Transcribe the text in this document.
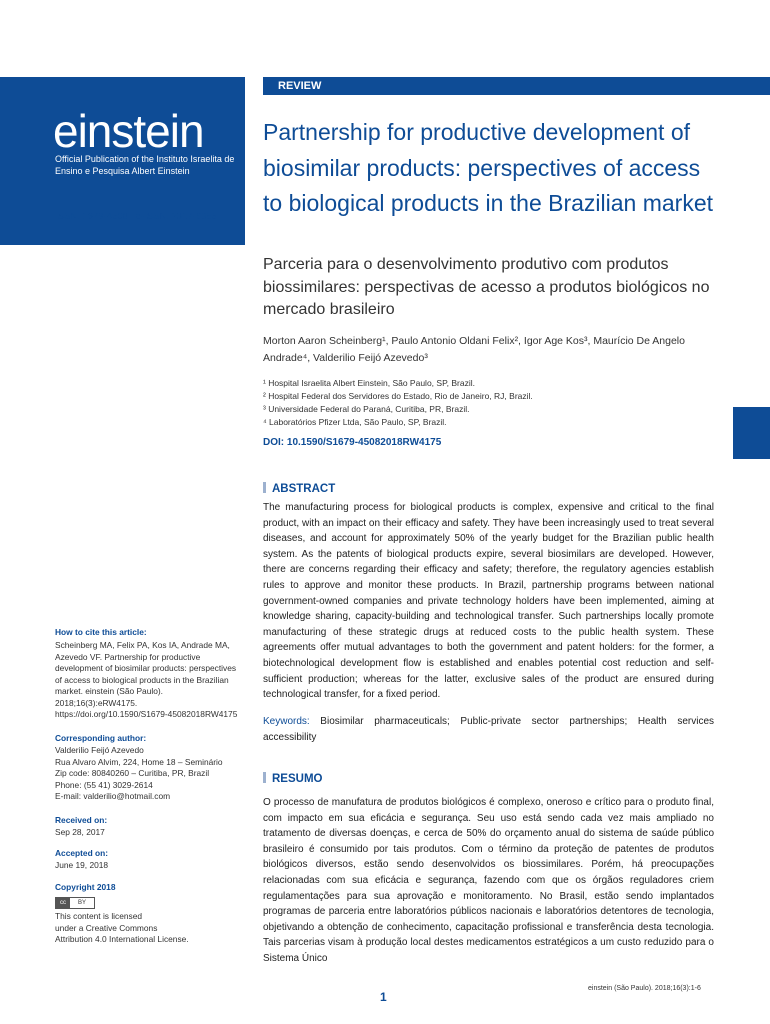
einstein
Official Publication of the Instituto Israelita de Ensino e Pesquisa Albert Einstein
ISSN: 1679-4508 | e-ISSN: 2317-6385
REVIEW
Partnership for productive development of biosimilar products: perspectives of access to biological products in the Brazilian market
Parceria para o desenvolvimento produtivo com produtos biossimilares: perspectivas de acesso a produtos biológicos no mercado brasileiro
Morton Aaron Scheinberg¹, Paulo Antonio Oldani Felix², Igor Age Kos³, Maurício De Angelo Andrade⁴, Valderilio Feijó Azevedo³

¹ Hospital Israelita Albert Einstein, São Paulo, SP, Brazil.

² Hospital Federal dos Servidores do Estado, Rio de Janeiro, RJ, Brazil.

³ Universidade Federal do Paraná, Curitiba, PR, Brazil.

⁴ Laboratórios Pfizer Ltda, São Paulo, SP, Brazil.

DOI: 10.1590/S1679-45082018RW4175
ABSTRACT
The manufacturing process for biological products is complex, expensive and critical to the final product, with an impact on their efficacy and safety. They have been increasingly used to treat several diseases, and account for approximately 50% of the yearly budget for the Brazilian public health system. As the patents of biological products expire, several biosimilars are developed. However, there are concerns regarding their efficacy and safety; therefore, the regulatory agencies establish rules to approve and monitor these products. In Brazil, partnership programs between national government-owned companies and private technology holders have been implemented, aiming at knowledge sharing, capacity-building and technological transfer. Such partnerships locally promote manufacturing of these strategic drugs at reduced costs to the public health system. These agreements offer mutual advantages to both the government and patent holders: for the former, a biotechnological development flow is established and enables potential cost reduction and self-sufficient production; whereas for the latter, exclusive sales of the product are ensured during technological transfer, for a fixed period.
Keywords: Biosimilar pharmaceuticals; Public-private sector partnerships; Health services accessibility
RESUMO
O processo de manufatura de produtos biológicos é complexo, oneroso e crítico para o produto final, com impacto em sua eficácia e segurança. Seu uso está sendo cada vez mais ampliado no tratamento de diversas doenças, e cerca de 50% do orçamento anual do sistema de saúde público brasileiro é consumido por tais produtos. Com o término da proteção de patentes de produtos biológicos diversos, estão sendo desenvolvidos os biossimilares. Porém, há preocupações relacionadas com sua eficácia e segurança, fazendo com que os órgãos reguladores criem regulamentações para sua aprovação e monitoramento. No Brasil, estão sendo implantados programas de parceria entre laboratórios públicos nacionais e laboratórios detentores de tecnologia, objetivando a obtenção de conhecimento, capacitação profissional e transferência desta tecnologia. Tais parcerias visam à produção local destes medicamentos estratégicos a um custo reduzido para o Sistema Único
How to cite this article:
Scheinberg MA, Felix PA, Kos IA, Andrade MA, Azevedo VF. Partnership for productive development of biosimilar products: perspectives of access to biological products in the Brazilian market. einstein (São Paulo). 2018;16(3):eRW4175. https://doi.org/10.1590/S1679-45082018RW4175
Corresponding author:
Valderilio Feijó Azevedo
Rua Alvaro Alvim, 224, Home 18 – Seminário
Zip code: 80840260 – Curitiba, PR, Brazil
Phone: (55 41) 3029-2614
E-mail: valderilio@hotmail.com
Received on:
Sep 28, 2017
Accepted on:
June 19, 2018
Copyright 2018
cc	BY
This content is licensed
under a Creative Commons
Attribution 4.0 International License.
einstein (São Paulo). 2018;16(3):1-6
1
